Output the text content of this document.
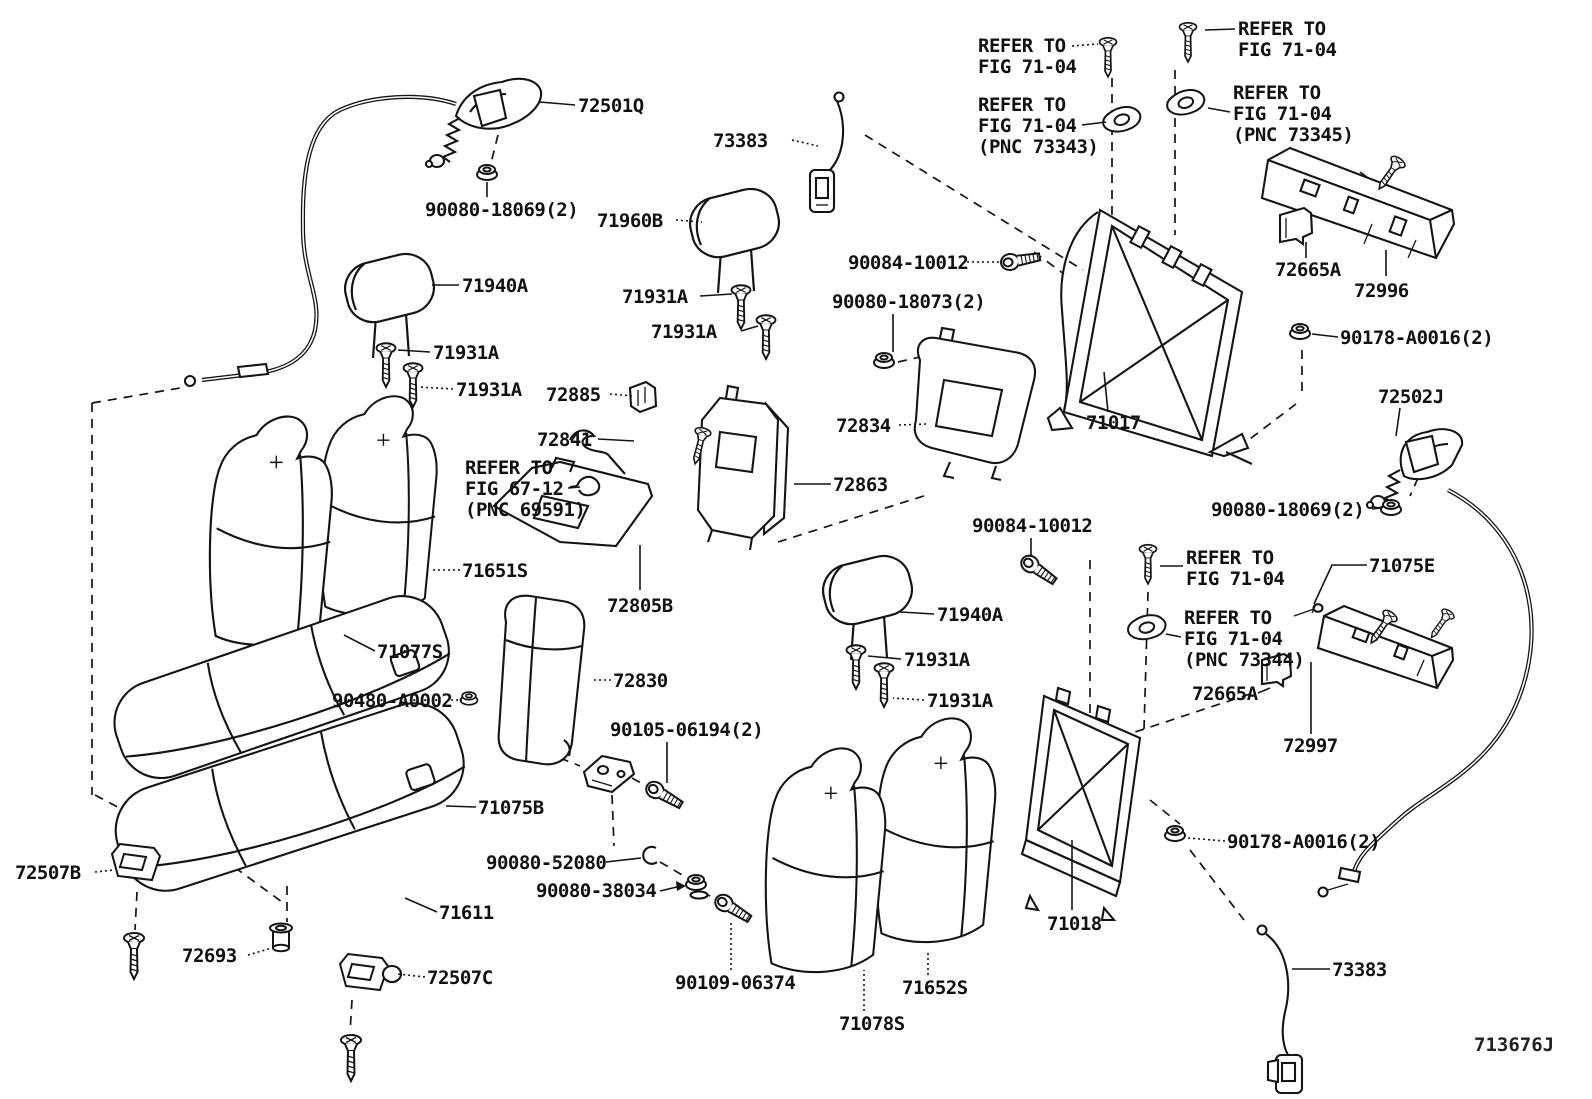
72501Q
90080-18069(2)
73383
71960B
71940A
71931A
71931A
71931A
71931A
72885
72841
71651S
71077S
72805B
72863
72834
90084-10012
90080-18073(2)
71017
90178-A0016(2)
72502J
90080-18069(2)
72996
72665A
90084-10012
72665A
71075E
72997
90178-A0016(2)
71018
73383
71652S
71078S
90109-06374
90080-38034
90080-52080
90105-06194(2)
71075B
72830
90480-A0002
71611
72507B
72693
72507C
71940A
71931A
71931A
REFER TO
FIG 71-04
REFER TO
FIG 71-04
REFER TO
FIG 71-04
(PNC 73343)
REFER TO
FIG 71-04
(PNC 73345)
REFER TO
FIG 67-12
(PNC 69591)
REFER TO
FIG 71-04
REFER TO
FIG 71-04
(PNC 73344)
713676J
